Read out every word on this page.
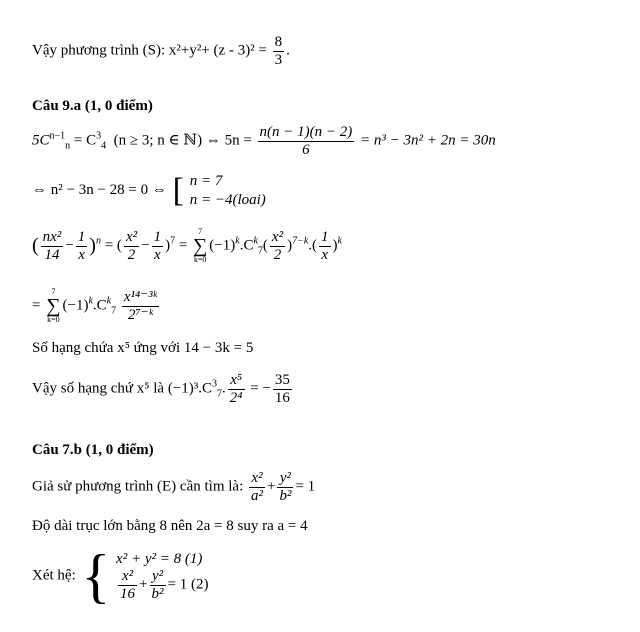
Vậy phương trình (S): $x^2+y^2+ (z - 3)^2 = \frac{8}{3}$ .
Câu 9.a (1, 0 điểm)
$5C^{n-1}_n = C^3_4$ (n ≥ 3; n ∈ ℕ) ⇔ $5n = \frac{n(n - 1)(n - 2)}{6} = n^3 - 3n^2 + 2n = 30n$
⇔ n² − 3n − 28 = 0 ⇔ [ n = 7
n = −4(loai)
( $\frac{\text{nx²}}{14} - \frac{1}{x} )^n$ = ( $\frac{\text{x²}}{2} - \frac{1}{x} )^7$ =
7
∑
k=0
$(-1)^k.C^k_7( \frac{\text{x²}}{2} )^{7-k}.( \frac{1}{x} )^k$
=
7
∑
k=0
$(-1)^k.C^k_7 \frac{\text{x¹⁴⁻³ᵏ}}{\text{2⁷⁻ᵏ}}$
Số hạng chứa x⁵ ứng với 14 − 3k = 5
Vậy số hạng chứ x⁵ là $(-1)^3.C^3_7$. $\frac{\text{x⁵}}{\text{2⁴}}$ = − $\frac{35}{16}$
Câu 7.b (1, 0 điểm)
Giả sử phương trình (E) cần tìm là: $\frac{\text{x²}}{\text{a²}} + \frac{\text{y²}}{\text{b²}} = 1$
Độ dài trục lớn bằng 8 nên 2a = 8 suy ra a = 4
Xét hệ: { x² + y² = 8 (1)
$\frac{\text{x²}}{16} + \frac{\text{y²}}{\text{b²}} = 1$ (2)
